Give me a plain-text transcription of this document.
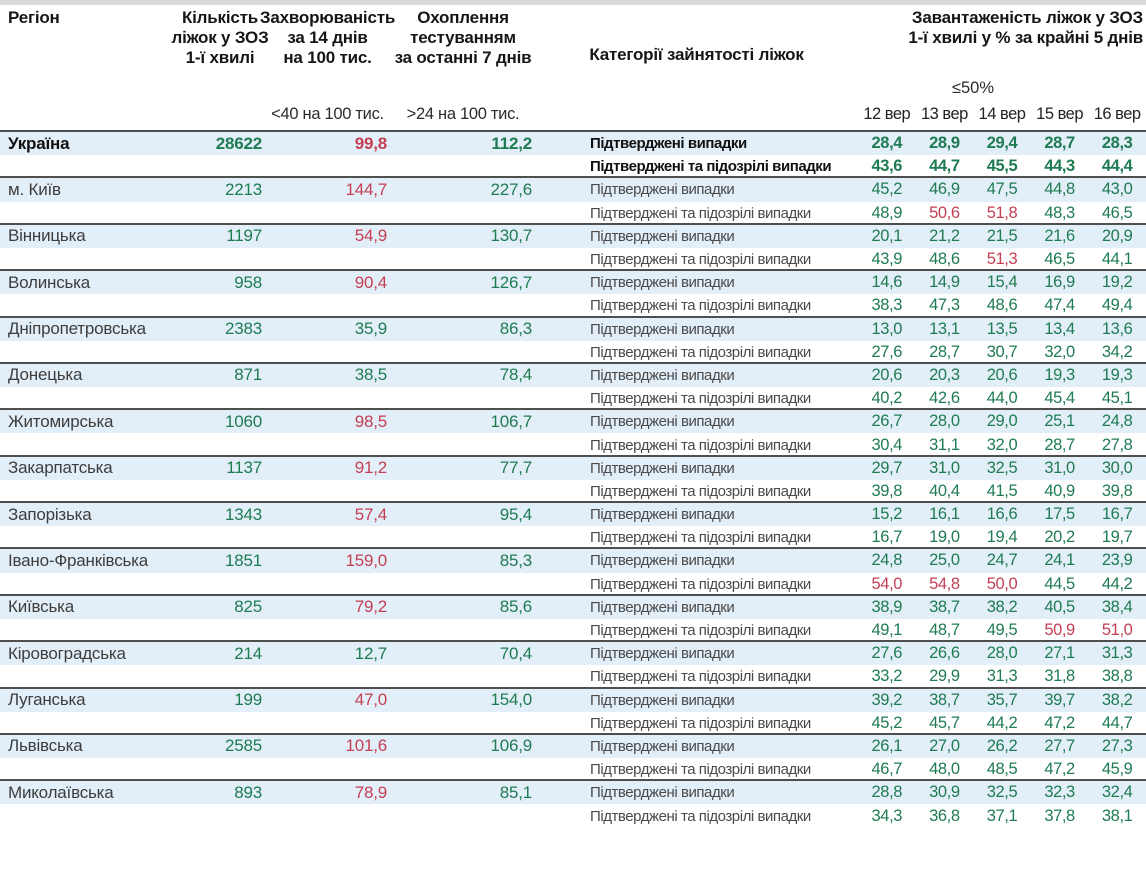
Регіон	Кількість
ліжок у ЗОЗ
1-ї хвилі
Захворюваність
за 14 днів
на 100 тис.
Охоплення
тестуванням
за останні 7 днів	Категорії зайнятості ліжок
Завантаженість ліжок у ЗОЗ
1-ї хвилі у % за крайні 5 днів
<40 на 100 тис.	>24 на 100 тис.
≤50%
12 вер 13 вер 14 вер 15 вер 16 вер
Україна	28622	99,8	112,2	Підтверджені випадки	28,4	28,9	29,4	28,7	28,3
Підтверджені та підозрілі випадки	43,6	44,7	45,5	44,3	44,4
м. Київ	2213	144,7	227,6	Підтверджені випадки	45,2	46,9	47,5	44,8	43,0
Підтверджені та підозрілі випадки	48,9	50,6	51,8	48,3	46,5
Вінницька	1197	54,9	130,7	Підтверджені випадки	20,1	21,2	21,5	21,6	20,9
Підтверджені та підозрілі випадки	43,9	48,6	51,3	46,5	44,1
Волинська	958	90,4	126,7	Підтверджені випадки	14,6	14,9	15,4	16,9	19,2
Підтверджені та підозрілі випадки	38,3	47,3	48,6	47,4	49,4
Дніпропетровська	2383	35,9	86,3	Підтверджені випадки	13,0	13,1	13,5	13,4	13,6
Підтверджені та підозрілі випадки	27,6	28,7	30,7	32,0	34,2
Донецька	871	38,5	78,4	Підтверджені випадки	20,6	20,3	20,6	19,3	19,3
Підтверджені та підозрілі випадки	40,2	42,6	44,0	45,4	45,1
Житомирська	1060	98,5	106,7	Підтверджені випадки	26,7	28,0	29,0	25,1	24,8
Підтверджені та підозрілі випадки	30,4	31,1	32,0	28,7	27,8
Закарпатська	1137	91,2	77,7	Підтверджені випадки	29,7	31,0	32,5	31,0	30,0
Підтверджені та підозрілі випадки	39,8	40,4	41,5	40,9	39,8
Запорізька	1343	57,4	95,4	Підтверджені випадки	15,2	16,1	16,6	17,5	16,7
Підтверджені та підозрілі випадки	16,7	19,0	19,4	20,2	19,7
Івано-Франківська	1851	159,0	85,3	Підтверджені випадки	24,8	25,0	24,7	24,1	23,9
Підтверджені та підозрілі випадки	54,0	54,8	50,0	44,5	44,2
Київська	825	79,2	85,6	Підтверджені випадки	38,9	38,7	38,2	40,5	38,4
Підтверджені та підозрілі випадки	49,1	48,7	49,5	50,9	51,0
Кіровоградська	214	12,7	70,4	Підтверджені випадки	27,6	26,6	28,0	27,1	31,3
Підтверджені та підозрілі випадки	33,2	29,9	31,3	31,8	38,8
Луганська	199	47,0	154,0	Підтверджені випадки	39,2	38,7	35,7	39,7	38,2
Підтверджені та підозрілі випадки	45,2	45,7	44,2	47,2	44,7
Львівська	2585	101,6	106,9	Підтверджені випадки	26,1	27,0	26,2	27,7	27,3
Підтверджені та підозрілі випадки	46,7	48,0	48,5	47,2	45,9
Миколаївська	893	78,9	85,1	Підтверджені випадки	28,8	30,9	32,5	32,3	32,4
Підтверджені та підозрілі випадки	34,3	36,8	37,1	37,8	38,1
